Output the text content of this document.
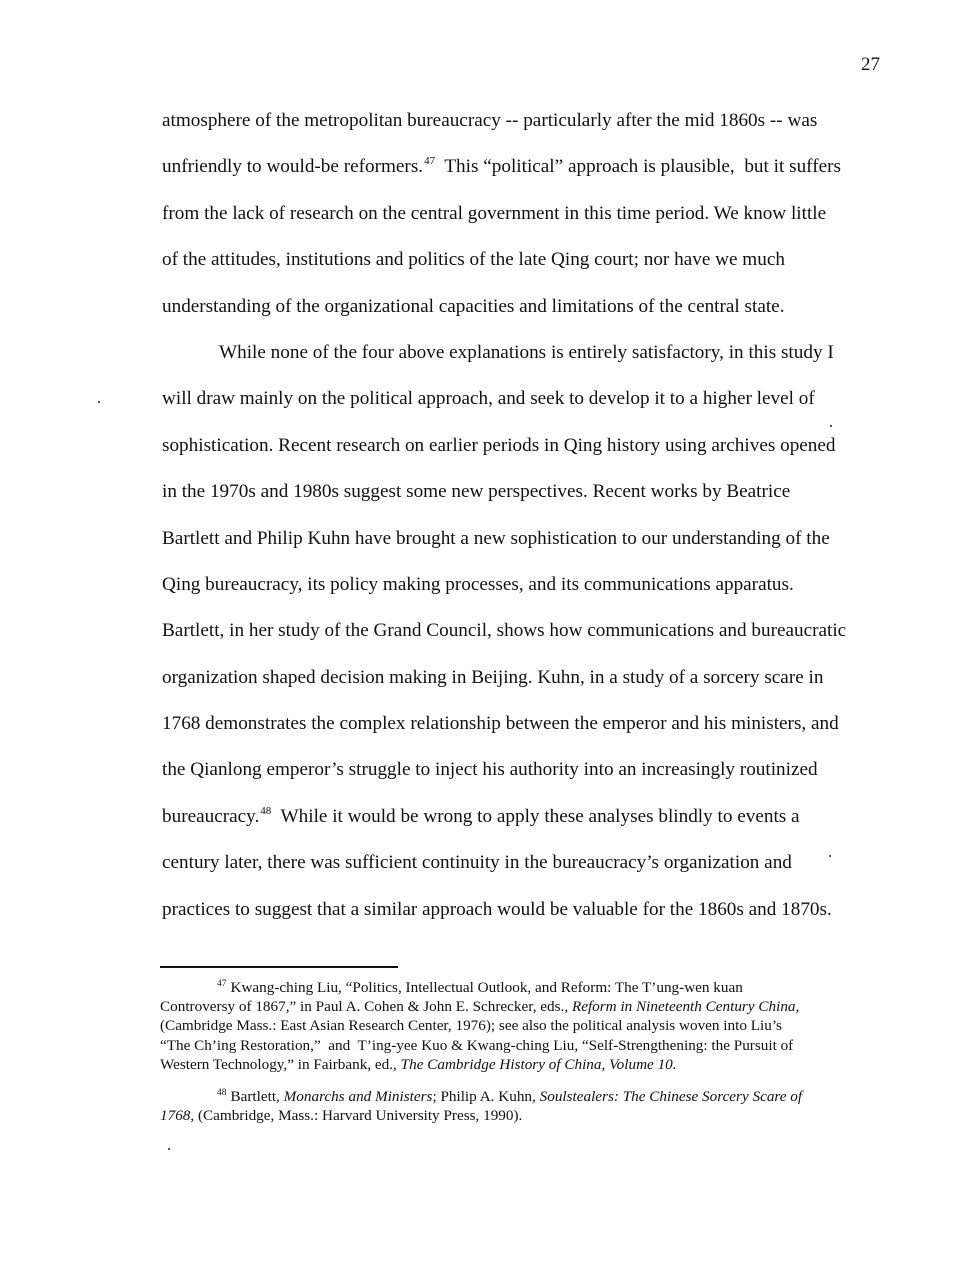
27
atmosphere of the metropolitan bureaucracy -- particularly after the mid 1860s -- was
unfriendly to would-be reformers.$^{47}$  This “political” approach is plausible,  but it suffers
from the lack of research on the central government in this time period. We know little
of the attitudes, institutions and politics of the late Qing court; nor have we much
understanding of the organizational capacities and limitations of the central state.
While none of the four above explanations is entirely satisfactory, in this study I
will draw mainly on the political approach, and seek to develop it to a higher level of
sophistication. Recent research on earlier periods in Qing history using archives opened
in the 1970s and 1980s suggest some new perspectives. Recent works by Beatrice
Bartlett and Philip Kuhn have brought a new sophistication to our understanding of the
Qing bureaucracy, its policy making processes, and its communications apparatus.
Bartlett, in her study of the Grand Council, shows how communications and bureaucratic
organization shaped decision making in Beijing. Kuhn, in a study of a sorcery scare in
1768 demonstrates the complex relationship between the emperor and his ministers, and
the Qianlong emperor’s struggle to inject his authority into an increasingly routinized
bureaucracy.$^{48}$  While it would be wrong to apply these analyses blindly to events a
century later, there was sufficient continuity in the bureaucracy’s organization and
practices to suggest that a similar approach would be valuable for the 1860s and 1870s.
$^{47}$ Kwang-ching Liu, “Politics, Intellectual Outlook, and Reform: The T’ung-wen kuan
Controversy of 1867,” in Paul A. Cohen & John E. Schrecker, eds., Reform in Nineteenth Century China,
(Cambridge Mass.: East Asian Research Center, 1976); see also the political analysis woven into Liu’s
“The Ch’ing Restoration,”  and  T’ing-yee Kuo & Kwang-ching Liu, “Self-Strengthening: the Pursuit of
Western Technology,” in Fairbank, ed., The Cambridge History of China, Volume 10.
$^{48}$ Bartlett, Monarchs and Ministers; Philip A. Kuhn, Soulstealers: The Chinese Sorcery Scare of
1768, (Cambridge, Mass.: Harvard University Press, 1990).
